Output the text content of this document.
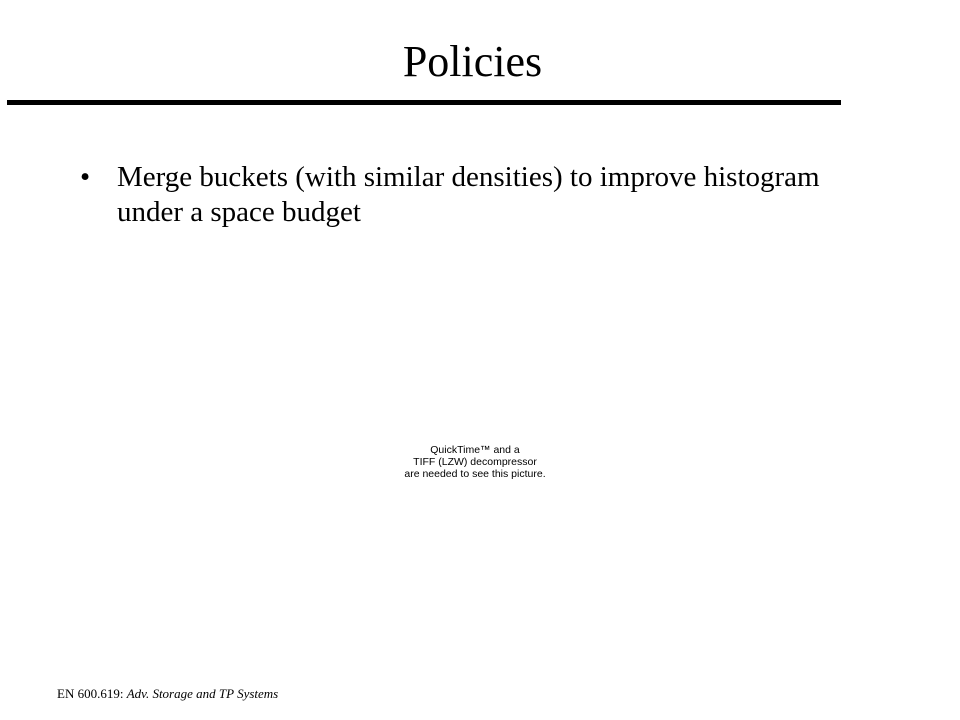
Policies
• Merge buckets (with similar densities) to improve histogram under a space budget
QuickTime™ and a
TIFF (LZW) decompressor
are needed to see this picture.
EN 600.619: Adv. Storage and TP Systems
